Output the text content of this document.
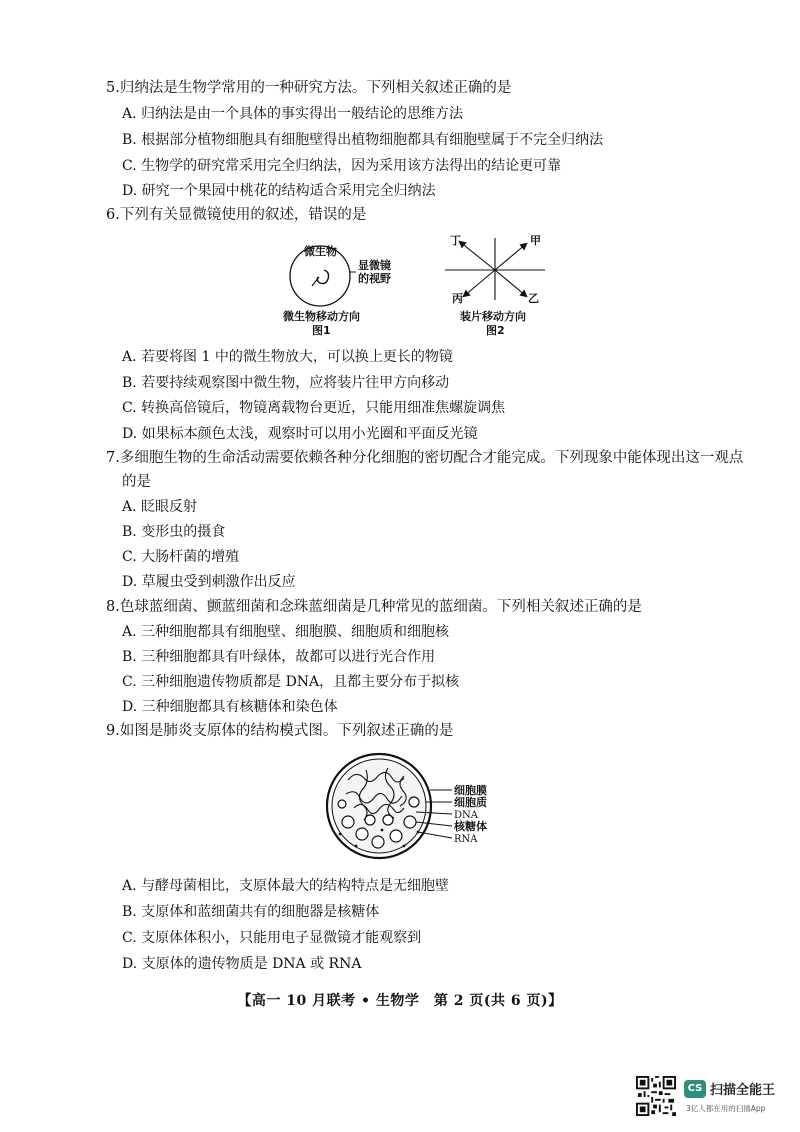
5.归纳法是生物学常用的一种研究方法。下列相关叙述正确的是
A. 归纳法是由一个具体的事实得出一般结论的思维方法
B. 根据部分植物细胞具有细胞壁得出植物细胞都具有细胞壁属于不完全归纳法
C. 生物学的研究常采用完全归纳法，因为采用该方法得出的结论更可靠
D. 研究一个果园中桃花的结构适合采用完全归纳法
6.下列有关显微镜使用的叙述，错误的是
微生物
显微镜
的视野
微生物移动方向
图1
丁	甲
丙	乙
装片移动方向
图2
A. 若要将图 1 中的微生物放大，可以换上更长的物镜
B. 若要持续观察图中微生物，应将装片往甲方向移动
C. 转换高倍镜后，物镜离载物台更近，只能用细准焦螺旋调焦
D. 如果标本颜色太浅，观察时可以用小光圈和平面反光镜
7.多细胞生物的生命活动需要依赖各种分化细胞的密切配合才能完成。下列现象中能体现出这一观点
的是
A. 眨眼反射
B. 变形虫的摄食
C. 大肠杆菌的增殖
D. 草履虫受到刺激作出反应
8.色球蓝细菌、颤蓝细菌和念珠蓝细菌是几种常见的蓝细菌。下列相关叙述正确的是
A. 三种细胞都具有细胞壁、细胞膜、细胞质和细胞核
B. 三种细胞都具有叶绿体，故都可以进行光合作用
C. 三种细胞遗传物质都是 DNA，且都主要分布于拟核
D. 三种细胞都具有核糖体和染色体
9.如图是肺炎支原体的结构模式图。下列叙述正确的是
细胞膜
细胞质
DNA
核糖体
RNA
A. 与酵母菌相比，支原体最大的结构特点是无细胞壁
B. 支原体和蓝细菌共有的细胞器是核糖体
C. 支原体体积小，只能用电子显微镜才能观察到
D. 支原体的遗传物质是 DNA 或 RNA
【高一 10 月联考 • 生物学　第 2 页(共 6 页)】
CS 扫描全能王
3亿人都在用的扫描App
